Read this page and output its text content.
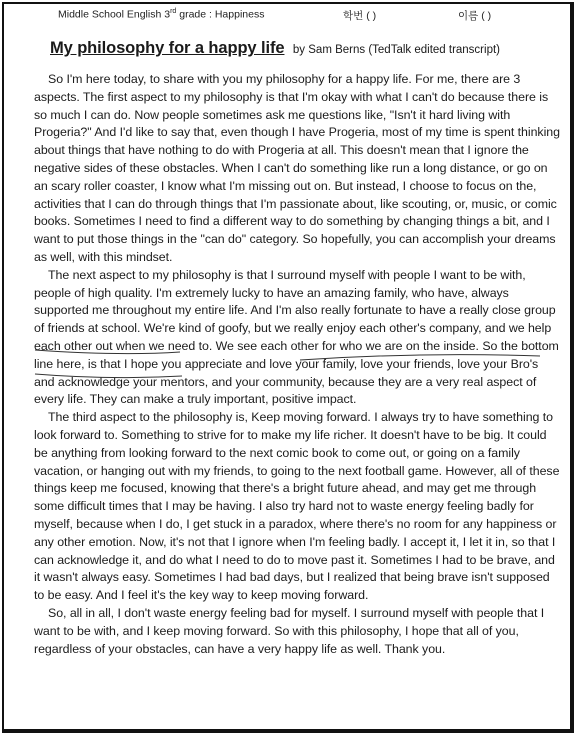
Middle School English 3rd grade : Happiness	학번 ( )	이름 ( )
My philosophy for a happy life by Sam Berns (TedTalk edited transcript)

So I'm here today, to share with you my philosophy for a happy life. For me, there are 3 aspects. The first aspect to my philosophy is that I'm okay with what I can't do because there is so much I can do. Now people sometimes ask me questions like, "Isn't it hard living with Progeria?" And I'd like to say that, even though I have Progeria, most of my time is spent thinking about things that have nothing to do with Progeria at all. This doesn't mean that I ignore the negative sides of these obstacles. When I can't do something like run a long distance, or go on an scary roller coaster, I know what I'm missing out on. But instead, I choose to focus on the, activities that I can do through things that I'm passionate about, like scouting, or, music, or comic books. Sometimes I need to find a different way to do something by changing things a bit, and I want to put those things in the "can do" category. So hopefully, you can accomplish your dreams as well, with this mindset.

The next aspect to my philosophy is that I surround myself with people I want to be with, people of high quality. I'm extremely lucky to have an amazing family, who have, always supported me throughout my entire life. And I'm also really fortunate to have a really close group of friends at school. We're kind of goofy, but we really enjoy each other's company, and we help each other out when we need to. We see each other for who we are on the inside. So the bottom line here, is that I hope you appreciate and love your family, love your friends, love your Bro's and acknowledge your mentors, and your community, because they are a very real aspect of every life. They can make a truly important, positive impact.

The third aspect to the philosophy is, Keep moving forward. I always try to have something to look forward to. Something to strive for to make my life richer. It doesn't have to be big. It could be anything from looking forward to the next comic book to come out, or going on a family vacation, or hanging out with my friends, to going to the next football game. However, all of these things keep me focused, knowing that there's a bright future ahead, and may get me through some difficult times that I may be having. I also try hard not to waste energy feeling badly for myself, because when I do, I get stuck in a paradox, where there's no room for any happiness or any other emotion. Now, it's not that I ignore when I'm feeling badly. I accept it, I let it in, so that I can acknowledge it, and do what I need to do to move past it. Sometimes I had to be brave, and it wasn't always easy. Sometimes I had bad days, but I realized that being brave isn't supposed to be easy. And I feel it's the key way to keep moving forward.

So, all in all, I don't waste energy feeling bad for myself. I surround myself with people that I want to be with, and I keep moving forward. So with this philosophy, I hope that all of you, regardless of your obstacles, can have a very happy life as well. Thank you.
